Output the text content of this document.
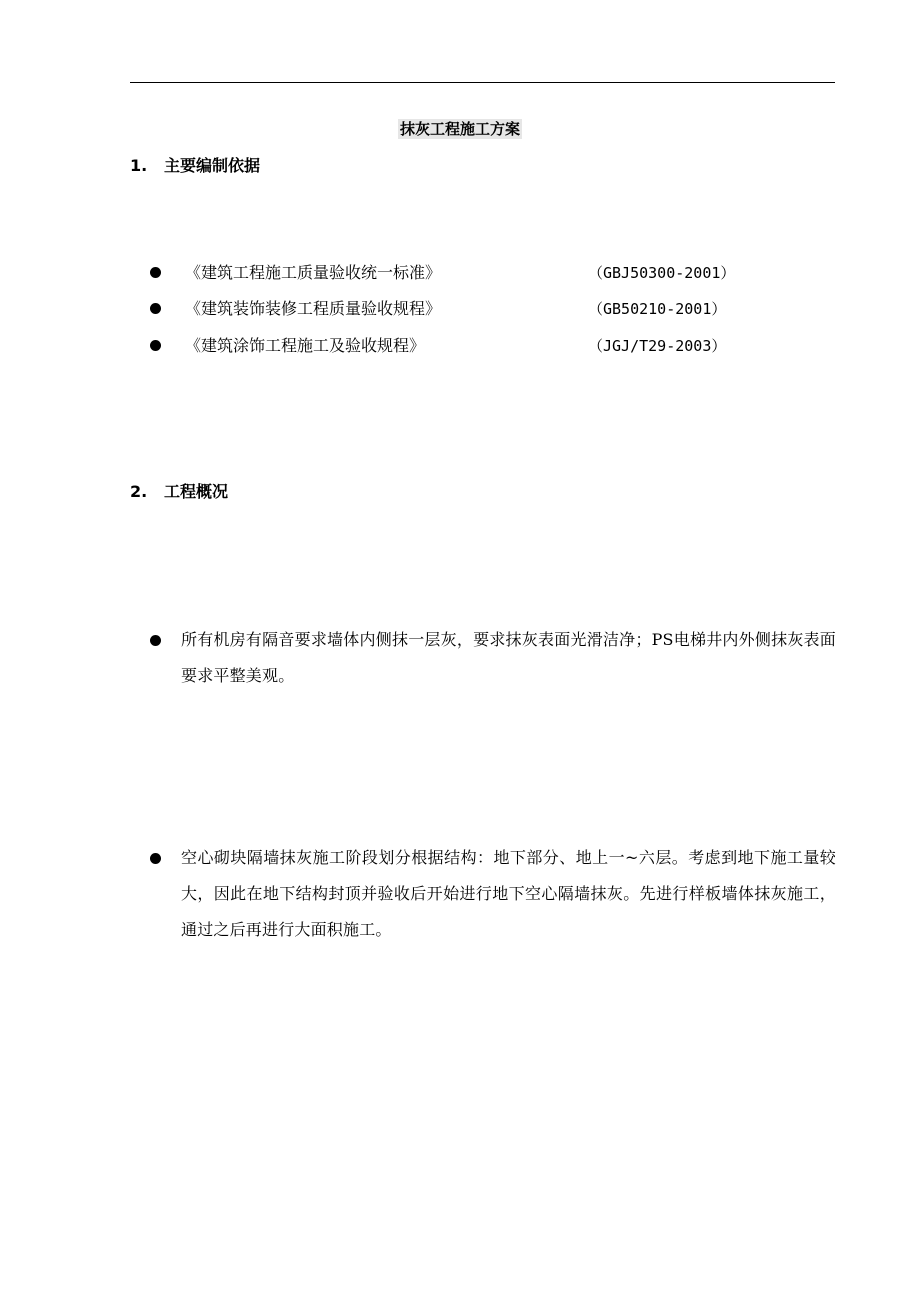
抹灰工程施工方案
1.	主要编制依据
《建筑工程施工质量验收统一标准》	（GBJ50300-2001）
《建筑装饰装修工程质量验收规程》	（GB50210-2001）
《建筑涂饰工程施工及验收规程》	（JGJ/T29-2003）
2.	工程概况
所有机房有隔音要求墙体内侧抹一层灰，要求抹灰表面光滑洁净；PS电梯井内外侧抹灰表面要求平整美观。
空心砌块隔墙抹灰施工阶段划分根据结构：地下部分、地上一~六层。考虑到地下施工量较大，因此在地下结构封顶并验收后开始进行地下空心隔墙抹灰。先进行样板墙体抹灰施工，通过之后再进行大面积施工。
